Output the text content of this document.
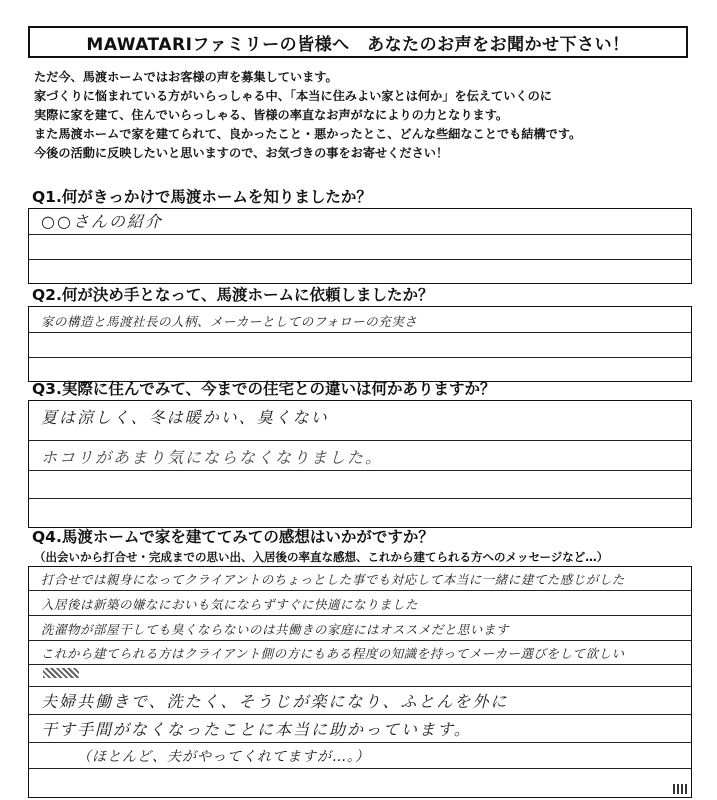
MAWATARIファミリーの皆様へ　あなたのお声をお聞かせ下さい！
ただ今、馬渡ホームではお客様の声を募集しています。
家づくりに悩まれている方がいらっしゃる中、「本当に住みよい家とは何か」を伝えていくのに
実際に家を建て、住んでいらっしゃる、皆様の率直なお声がなによりの力となります。
また馬渡ホームで家を建てられて、良かったこと・悪かったとこ、どんな些細なことでも結構です。
今後の活動に反映したいと思いますので、お気づきの事をお寄せください！
Q1.何がきっかけで馬渡ホームを知りましたか？
○○さんの紹介
Q2.何が決め手となって、馬渡ホームに依頼しましたか？
家の構造と馬渡社長の人柄、メーカーとしてのフォローの充実さ
Q3.実際に住んでみて、今までの住宅との違いは何かありますか？
夏は涼しく、冬は暖かい、臭くない
ホコリがあまり気にならなくなりました。
Q4.馬渡ホームで家を建ててみての感想はいかがですか？
（出会いから打合せ・完成までの思い出、入居後の率直な感想、これから建てられる方へのメッセージなど…）
打合せでは親身になってクライアントのちょっとした事でも対応して本当に一緒に建てた感じがした
入居後は新築の嫌なにおいも気にならずすぐに快適になりました
洗濯物が部屋干しても臭くならないのは共働きの家庭にはオススメだと思います
これから建てられる方はクライアント側の方にもある程度の知識を持ってメーカー選びをして欲しい
夫婦共働きで、洗たく、そうじが楽になり、ふとんを外に
干す手間がなくなったことに本当に助かっています。
（ほとんど、夫がやってくれてますが…。）
